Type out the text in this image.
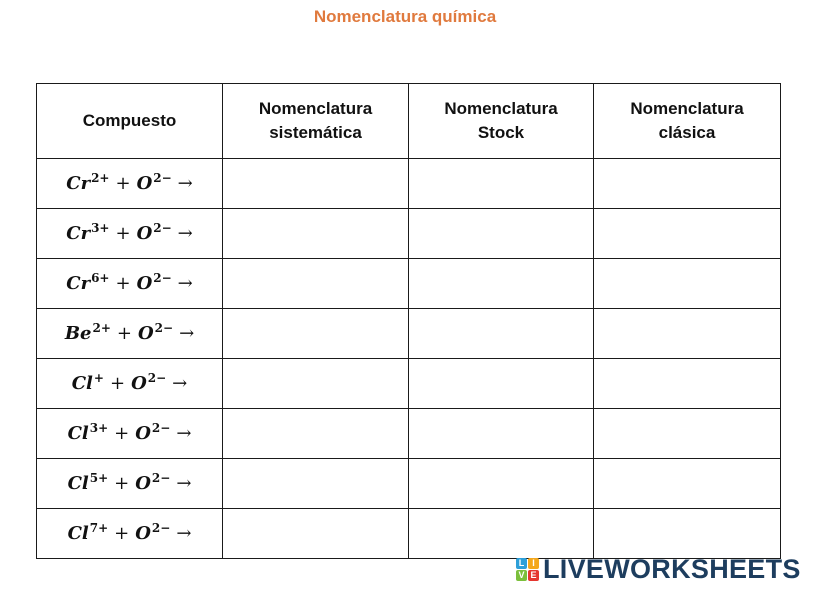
Nomenclatura química
Compuesto	Nomenclatura sistemática	Nomenclatura Stock	Nomenclatura clásica
$Cr^{2+} + O^{2-}$ →			
$Cr^{3+} + O^{2-}$ →			
$Cr^{6+} + O^{2-}$ →			
$Be^{2+} + O^{2-}$ →			
$Cl^+ + O^{2-}$ →			
$Cl^{3+} + O^{2-}$ →			
$Cl^{5+} + O^{2-}$ →			
$Cl^{7+} + O^{2-}$ →			
L I
V E LIVEWORKSHEETS
